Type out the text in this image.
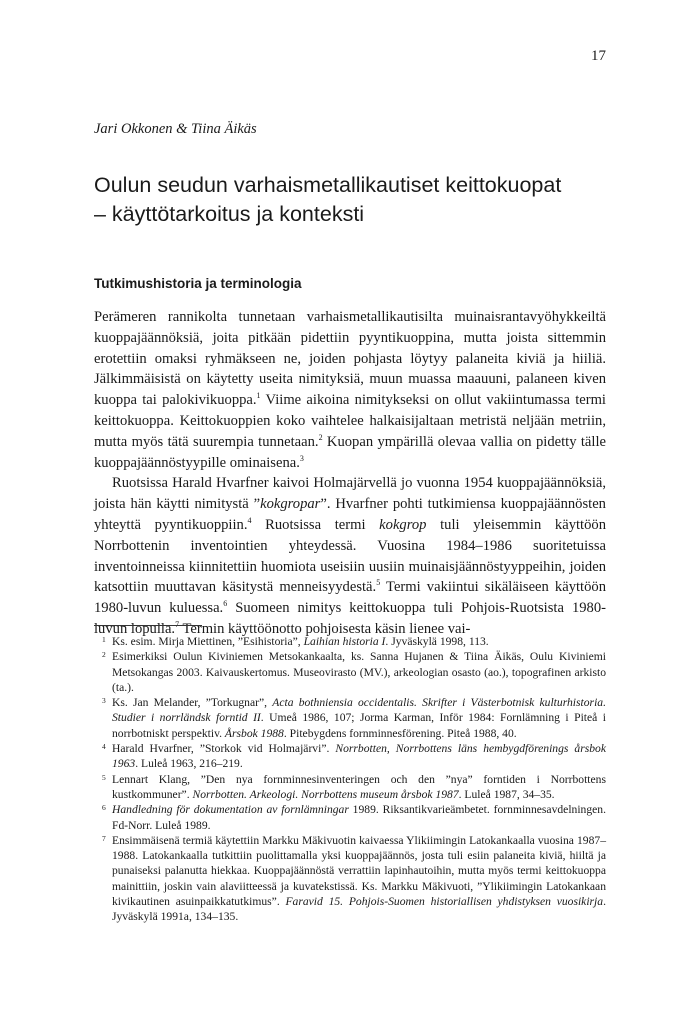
17
Jari Okkonen & Tiina Äikäs
Oulun seudun varhaismetallikautiset keittokuopat
– käyttötarkoitus ja konteksti
Tutkimushistoria ja terminologia

Perämeren rannikolta tunnetaan varhaismetallikautisilta muinaisrantavyöhykkeiltä kuoppajäännöksiä, joita pitkään pidettiin pyyntikuoppina, mutta joista sittemmin erotettiin omaksi ryhmäkseen ne, joiden pohjasta löytyy palaneita kiviä ja hiiliä. Jälkimmäisistä on käytetty useita nimityksiä, muun muassa maauuni, palaneen kiven kuoppa tai palokivikuoppa.$^1$ Viime aikoina nimitykseksi on ollut vakiintumassa termi keittokuoppa. Keittokuoppien koko vaihtelee halkaisijaltaan metristä neljään metriin, mutta myös tätä suurempia tunnetaan.$^2$ Kuopan ympärillä olevaa vallia on pidetty tälle kuoppajäännöstyypille ominaisena.$^3$

Ruotsissa Harald Hvarfner kaivoi Holmajärvellä jo vuonna 1954 kuoppajäännöksiä, joista hän käytti nimitystä ”kokgropar”. Hvarfner pohti tutkimiensa kuoppajäännösten yhteyttä pyyntikuoppiin.$^4$ Ruotsissa termi kokgrop tuli yleisemmin käyttöön Norrbottenin inventointien yhteydessä. Vuosina 1984–1986 suoritetuissa inventoinneissa kiinnitettiin huomiota useisiin uusiin muinaisjäännöstyyppeihin, joiden katsottiin muuttavan käsitystä menneisyydestä.$^5$ Termi vakiintui sikäläiseen käyttöön 1980-luvun kuluessa.$^6$ Suomeen nimitys keittokuoppa tuli Pohjois-Ruotsista 1980-luvun lopulla.$^7$ Termin käyttöönotto pohjoisesta käsin lienee vai-

1 Ks. esim. Mirja Miettinen, ”Esihistoria”, Laihian historia I. Jyväskylä 1998, 113.
2 Esimerkiksi Oulun Kiviniemen Metsokankaalta, ks. Sanna Hujanen & Tiina Äikäs, Oulu Kiviniemi Metsokangas 2003. Kaivauskertomus. Museovirasto (MV.), arkeologian osasto (ao.), topografinen arkisto (ta.).
3 Ks. Jan Melander, ”Torkugnar”, Acta bothniensia occidentalis. Skrifter i Västerbotnisk kulturhistoria. Studier i norrländsk forntid II. Umeå 1986, 107; Jorma Karman, Inför 1984: Fornlämning i Piteå i norrbotniskt perspektiv. Årsbok 1988. Pitebygdens fornminnesförening. Piteå 1988, 40.
4 Harald Hvarfner, ”Storkok vid Holmajärvi”. Norrbotten, Norrbottens läns hembygdförenings årsbok 1963. Luleå 1963, 216–219.
5 Lennart Klang, ”Den nya fornminnesinventeringen och den ”nya” forntiden i Norrbottens kustkommuner”. Norrbotten. Arkeologi. Norrbottens museum årsbok 1987. Luleå 1987, 34–35.
6 Handledning för dokumentation av fornlämningar 1989. Riksantikvarieämbetet. fornminnesavdelningen. Fd-Norr. Luleå 1989.
7 Ensimmäisenä termiä käytettiin Markku Mäkivuotin kaivaessa Ylikiimingin Latokankaalla vuosina 1987–1988. Latokankaalla tutkittiin puolittamalla yksi kuoppajäännös, josta tuli esiin palaneita kiviä, hiiltä ja punaiseksi palanutta hiekkaa. Kuoppajäännöstä verrattiin lapinhautoihin, mutta myös termi keittokuoppa mainittiin, joskin vain alaviitteessä ja kuvatekstissä. Ks. Markku Mäkivuoti, ”Ylikiimingin Latokankaan kivikautinen asuinpaikkatutkimus”. Faravid 15. Pohjois-Suomen historiallisen yhdistyksen vuosikirja. Jyväskylä 1991a, 134–135.
